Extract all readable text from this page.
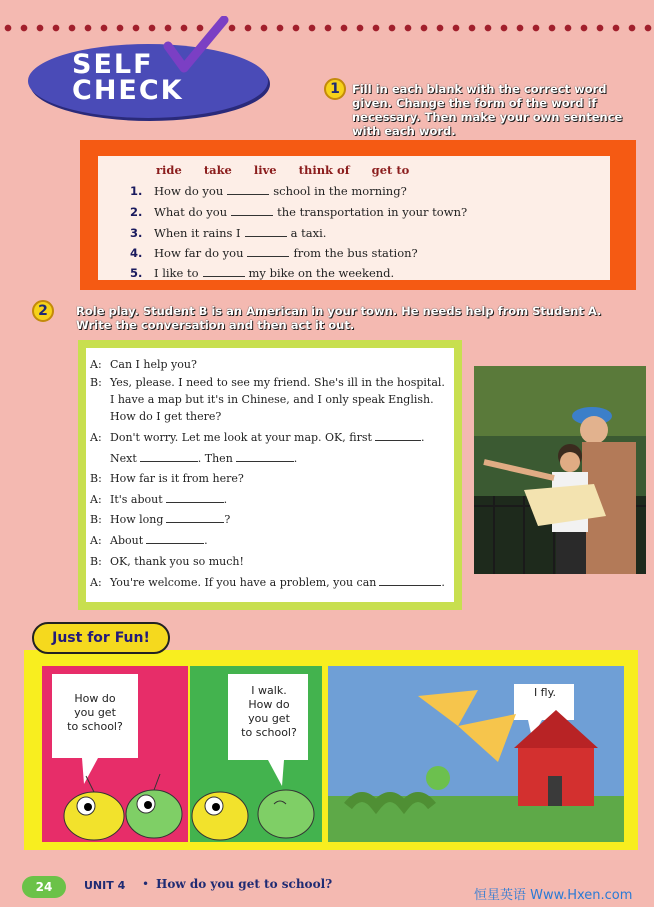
SELF
CHECK	1	Fill in each blank with the correct word given. Change the form of the word if necessary. Then make your own sentence with each word.
ride take live think of get to
1. How do you	school in the morning?
2. What do you	the transportation in your town?
3. When it rains I	a taxi.
4. How far do you	from the bus station?
5. I like to	my bike on the weekend.
2	Role play. Student B is an American in your town. He needs help from Student A. Write the conversation and then act it out.
A: Can I help you?
B: Yes, please. I need to see my friend. She's ill in the hospital.
I have a map but it's in Chinese, and I only speak English.
How do I get there?
A: Don't worry. Let me look at your map. OK, first	.
Next	. Then	.
B: How far is it from here?
A: It's about	.
B: How long	?
A: About	.
B: OK, thank you so much!
A: You're welcome. If you have a problem, you can	.
Just for Fun!
How do
you get
to school?
I walk.
How do
you get
to school?
I fly.
24	UNIT 4 • How do you get to school?
恒星英语 Www.Hxen.com
